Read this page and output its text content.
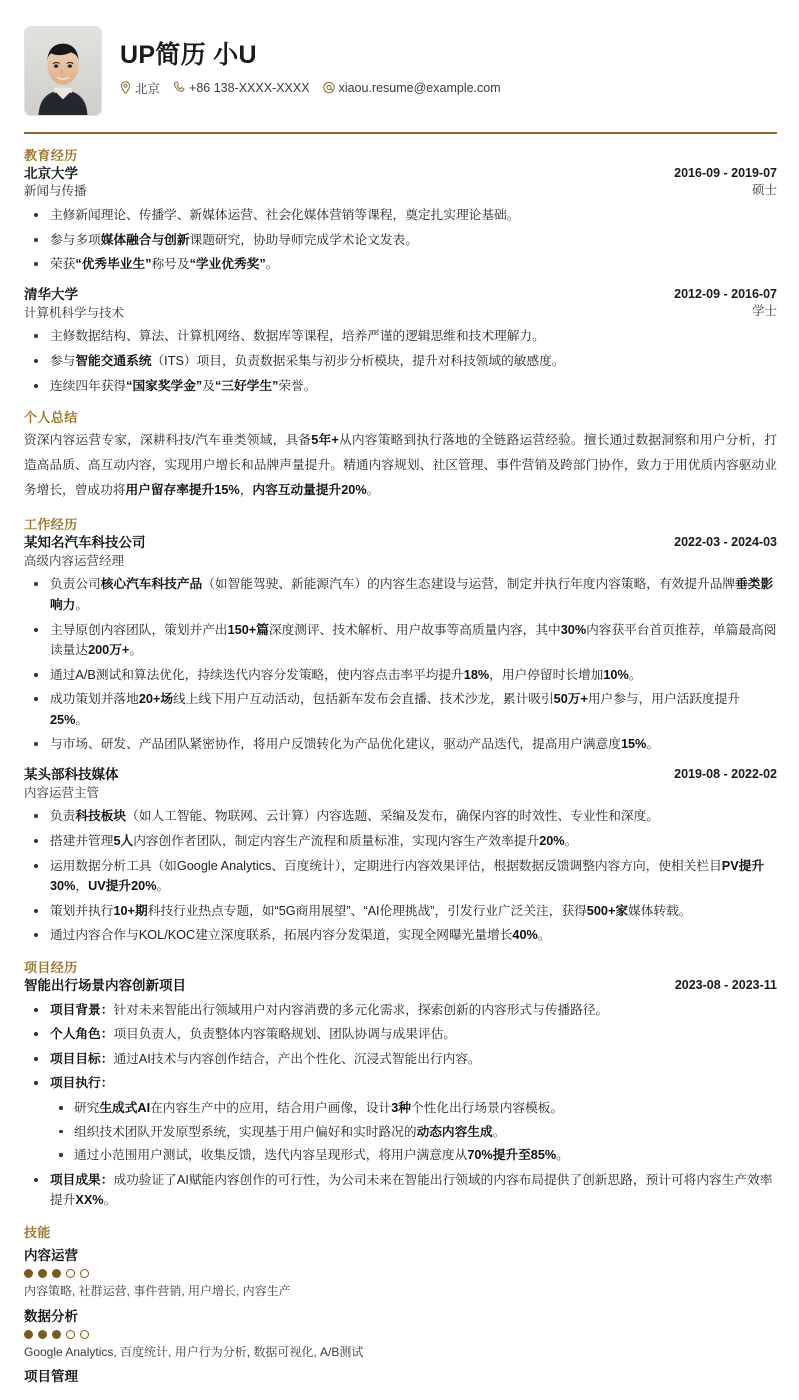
UP简历 小U
北京 +86 138-XXXX-XXXX xiaou.resume@example.com
教育经历
北京大学
新闻与传播
2016-09 - 2019-07
硕士
主修新闻理论、传播学、新媒体运营、社会化媒体营销等课程，奠定扎实理论基础。
参与多项媒体融合与创新课题研究，协助导师完成学术论文发表。
荣获“优秀毕业生”称号及“学业优秀奖”。
清华大学
计算机科学与技术
2012-09 - 2016-07
学士
主修数据结构、算法、计算机网络、数据库等课程，培养严谨的逻辑思维和技术理解力。
参与智能交通系统（ITS）项目，负责数据采集与初步分析模块，提升对科技领域的敏感度。
连续四年获得“国家奖学金”及“三好学生”荣誉。
个人总结
资深内容运营专家，深耕科技/汽车垂类领域，具备5年+从内容策略到执行落地的全链路运营经验。擅长通过数据洞察和用户分析，打造高品质、高互动内容，实现用户增长和品牌声量提升。精通内容规划、社区管理、事件营销及跨部门协作，致力于用优质内容驱动业务增长，曾成功将用户留存率提升15%，内容互动量提升20%。
工作经历
某知名汽车科技公司
高级内容运营经理
2022-03 - 2024-03
负责公司核心汽车科技产品（如智能驾驶、新能源汽车）的内容生态建设与运营，制定并执行年度内容策略，有效提升品牌垂类影响力。
主导原创内容团队，策划并产出150+篇深度测评、技术解析、用户故事等高质量内容，其中30%内容获平台首页推荐，单篇最高阅读量达200万+。
通过A/B测试和算法优化，持续迭代内容分发策略，使内容点击率平均提升18%，用户停留时长增加10%。
成功策划并落地20+场线上线下用户互动活动，包括新车发布会直播、技术沙龙，累计吸引50万+用户参与，用户活跃度提升25%。
与市场、研发、产品团队紧密协作，将用户反馈转化为产品优化建议，驱动产品迭代，提高用户满意度15%。
某头部科技媒体
内容运营主管
2019-08 - 2022-02
负责科技板块（如人工智能、物联网、云计算）内容选题、采编及发布，确保内容的时效性、专业性和深度。
搭建并管理5人内容创作者团队，制定内容生产流程和质量标准，实现内容生产效率提升20%。
运用数据分析工具（如Google Analytics、百度统计），定期进行内容效果评估，根据数据反馈调整内容方向，使相关栏目PV提升30%，UV提升20%。
策划并执行10+期科技行业热点专题，如“5G商用展望”、“AI伦理挑战”，引发行业广泛关注，获得500+家媒体转载。
通过内容合作与KOL/KOC建立深度联系，拓展内容分发渠道，实现全网曝光量增长40%。
项目经历
智能出行场景内容创新项目	2023-08 - 2023-11
项目背景：针对未来智能出行领域用户对内容消费的多元化需求，探索创新的内容形式与传播路径。
个人角色：项目负责人，负责整体内容策略规划、团队协调与成果评估。
项目目标：通过AI技术与内容创作结合，产出个性化、沉浸式智能出行内容。
项目执行：
研究生成式AI在内容生产中的应用，结合用户画像，设计3种个性化出行场景内容模板。
组织技术团队开发原型系统，实现基于用户偏好和实时路况的动态内容生成。
通过小范围用户测试，收集反馈，迭代内容呈现形式，将用户满意度从70%提升至85%。
项目成果：成功验证了AI赋能内容创作的可行性，为公司未来在智能出行领域的内容布局提供了创新思路，预计可将内容生产效率提升XX%。
技能
内容运营
内容策略, 社群运营, 事件营销, 用户增长, 内容生产
数据分析
Google Analytics, 百度统计, 用户行为分析, 数据可视化, A/B测试
项目管理
